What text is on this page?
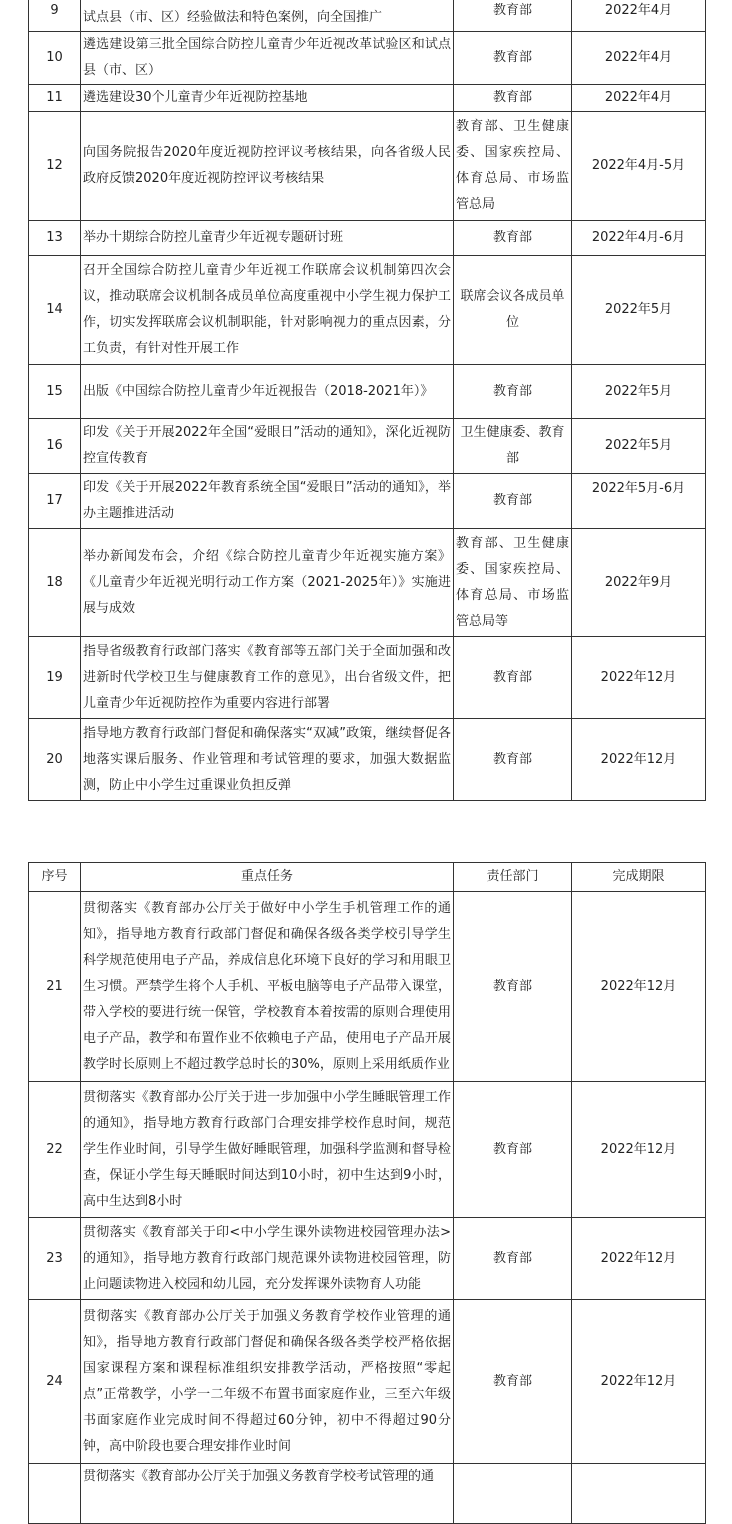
9	试点县（市、区）经验做法和特色案例，向全国推广	教育部	2022年4月
10	遴选建设第三批全国综合防控儿童青少年近视改革试验区和试点县（市、区）	教育部	2022年4月
11	遴选建设30个儿童青少年近视防控基地	教育部	2022年4月
12	向国务院报告2020年度近视防控评议考核结果，向各省级人民政府反馈2020年度近视防控评议考核结果	教育部、卫生健康委、国家疾控局、体育总局、市场监管总局	2022年4月-5月
13	举办十期综合防控儿童青少年近视专题研讨班	教育部	2022年4月-6月
14	召开全国综合防控儿童青少年近视工作联席会议机制第四次会议，推动联席会议机制各成员单位高度重视中小学生视力保护工作，切实发挥联席会议机制职能，针对影响视力的重点因素，分工负责，有针对性开展工作	联席会议各成员单位	2022年5月
15	出版《中国综合防控儿童青少年近视报告（2018-2021年）》	教育部	2022年5月
16	印发《关于开展2022年全国“爱眼日”活动的通知》，深化近视防控宣传教育	卫生健康委、教育部	2022年5月
17	印发《关于开展2022年教育系统全国“爱眼日”活动的通知》，举办主题推进活动	教育部	2022年5月-6月
18	举办新闻发布会，介绍《综合防控儿童青少年近视实施方案》《儿童青少年近视光明行动工作方案（2021-2025年）》实施进展与成效	教育部、卫生健康委、国家疾控局、体育总局、市场监管总局等	2022年9月
19	指导省级教育行政部门落实《教育部等五部门关于全面加强和改进新时代学校卫生与健康教育工作的意见》，出台省级文件，把儿童青少年近视防控作为重要内容进行部署	教育部	2022年12月
20	指导地方教育行政部门督促和确保落实“双减”政策，继续督促各地落实课后服务、作业管理和考试管理的要求，加强大数据监测，防止中小学生过重课业负担反弹	教育部	2022年12月
序号	重点任务	责任部门	完成期限
21	贯彻落实《教育部办公厅关于做好中小学生手机管理工作的通知》，指导地方教育行政部门督促和确保各级各类学校引导学生科学规范使用电子产品，养成信息化环境下良好的学习和用眼卫生习惯。严禁学生将个人手机、平板电脑等电子产品带入课堂，带入学校的要进行统一保管，学校教育本着按需的原则合理使用电子产品，教学和布置作业不依赖电子产品，使用电子产品开展教学时长原则上不超过教学总时长的30%，原则上采用纸质作业	教育部	2022年12月
22	贯彻落实《教育部办公厅关于进一步加强中小学生睡眠管理工作的通知》，指导地方教育行政部门合理安排学校作息时间，规范学生作业时间，引导学生做好睡眠管理，加强科学监测和督导检查，保证小学生每天睡眠时间达到10小时，初中生达到9小时，高中生达到8小时	教育部	2022年12月
23	贯彻落实《教育部关于印<中小学生课外读物进校园管理办法>的通知》，指导地方教育行政部门规范课外读物进校园管理，防止问题读物进入校园和幼儿园，充分发挥课外读物育人功能	教育部	2022年12月
24	贯彻落实《教育部办公厅关于加强义务教育学校作业管理的通知》，指导地方教育行政部门督促和确保各级各类学校严格依据国家课程方案和课程标准组织安排教学活动，严格按照“零起点”正常教学，小学一二年级不布置书面家庭作业，三至六年级书面家庭作业完成时间不得超过60分钟，初中不得超过90分钟，高中阶段也要合理安排作业时间	教育部	2022年12月
	贯彻落实《教育部办公厅关于加强义务教育学校考试管理的通		
